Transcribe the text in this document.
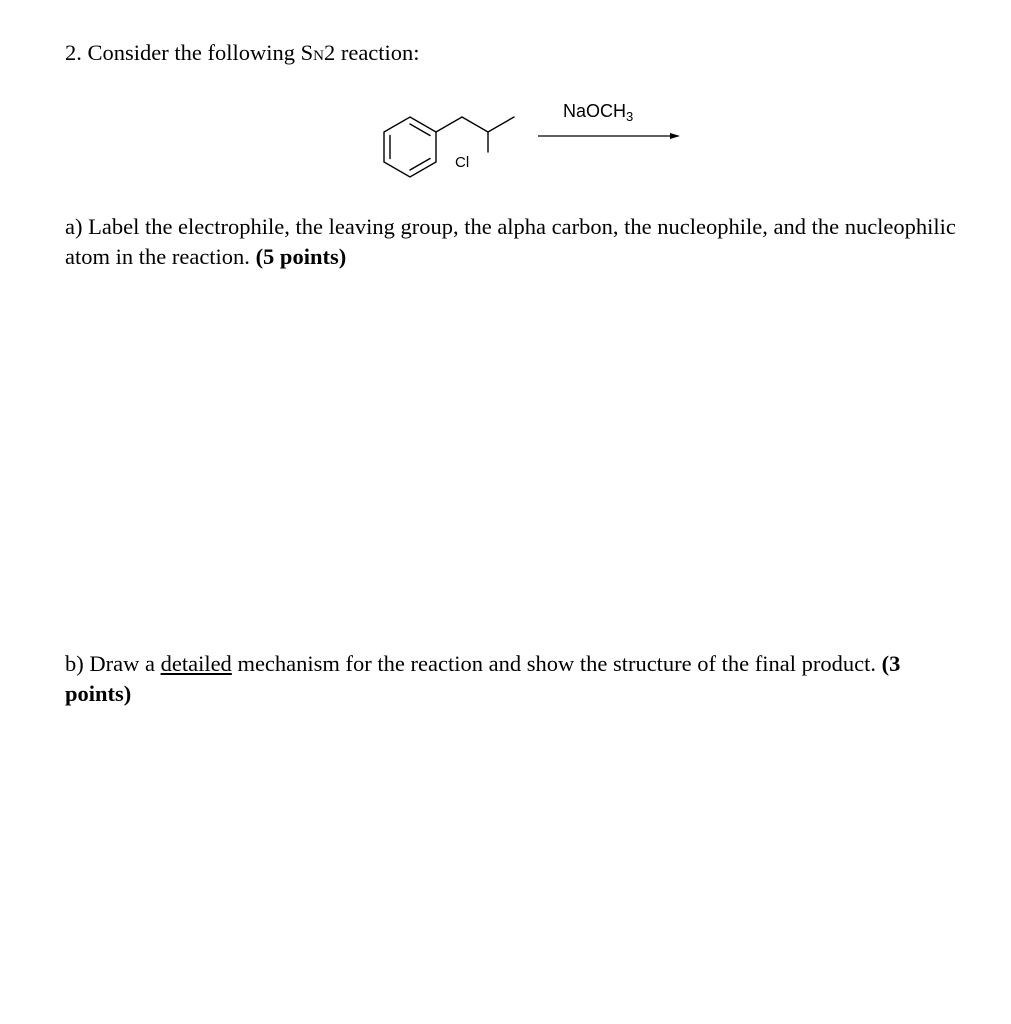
2. Consider the following SN2 reaction:
NaOCH$_3$
Cl
a) Label the electrophile, the leaving group, the alpha carbon, the nucleophile, and the nucleophilic atom in the reaction. (5 points)
b) Draw a detailed mechanism for the reaction and show the structure of the final product. (3 points)
